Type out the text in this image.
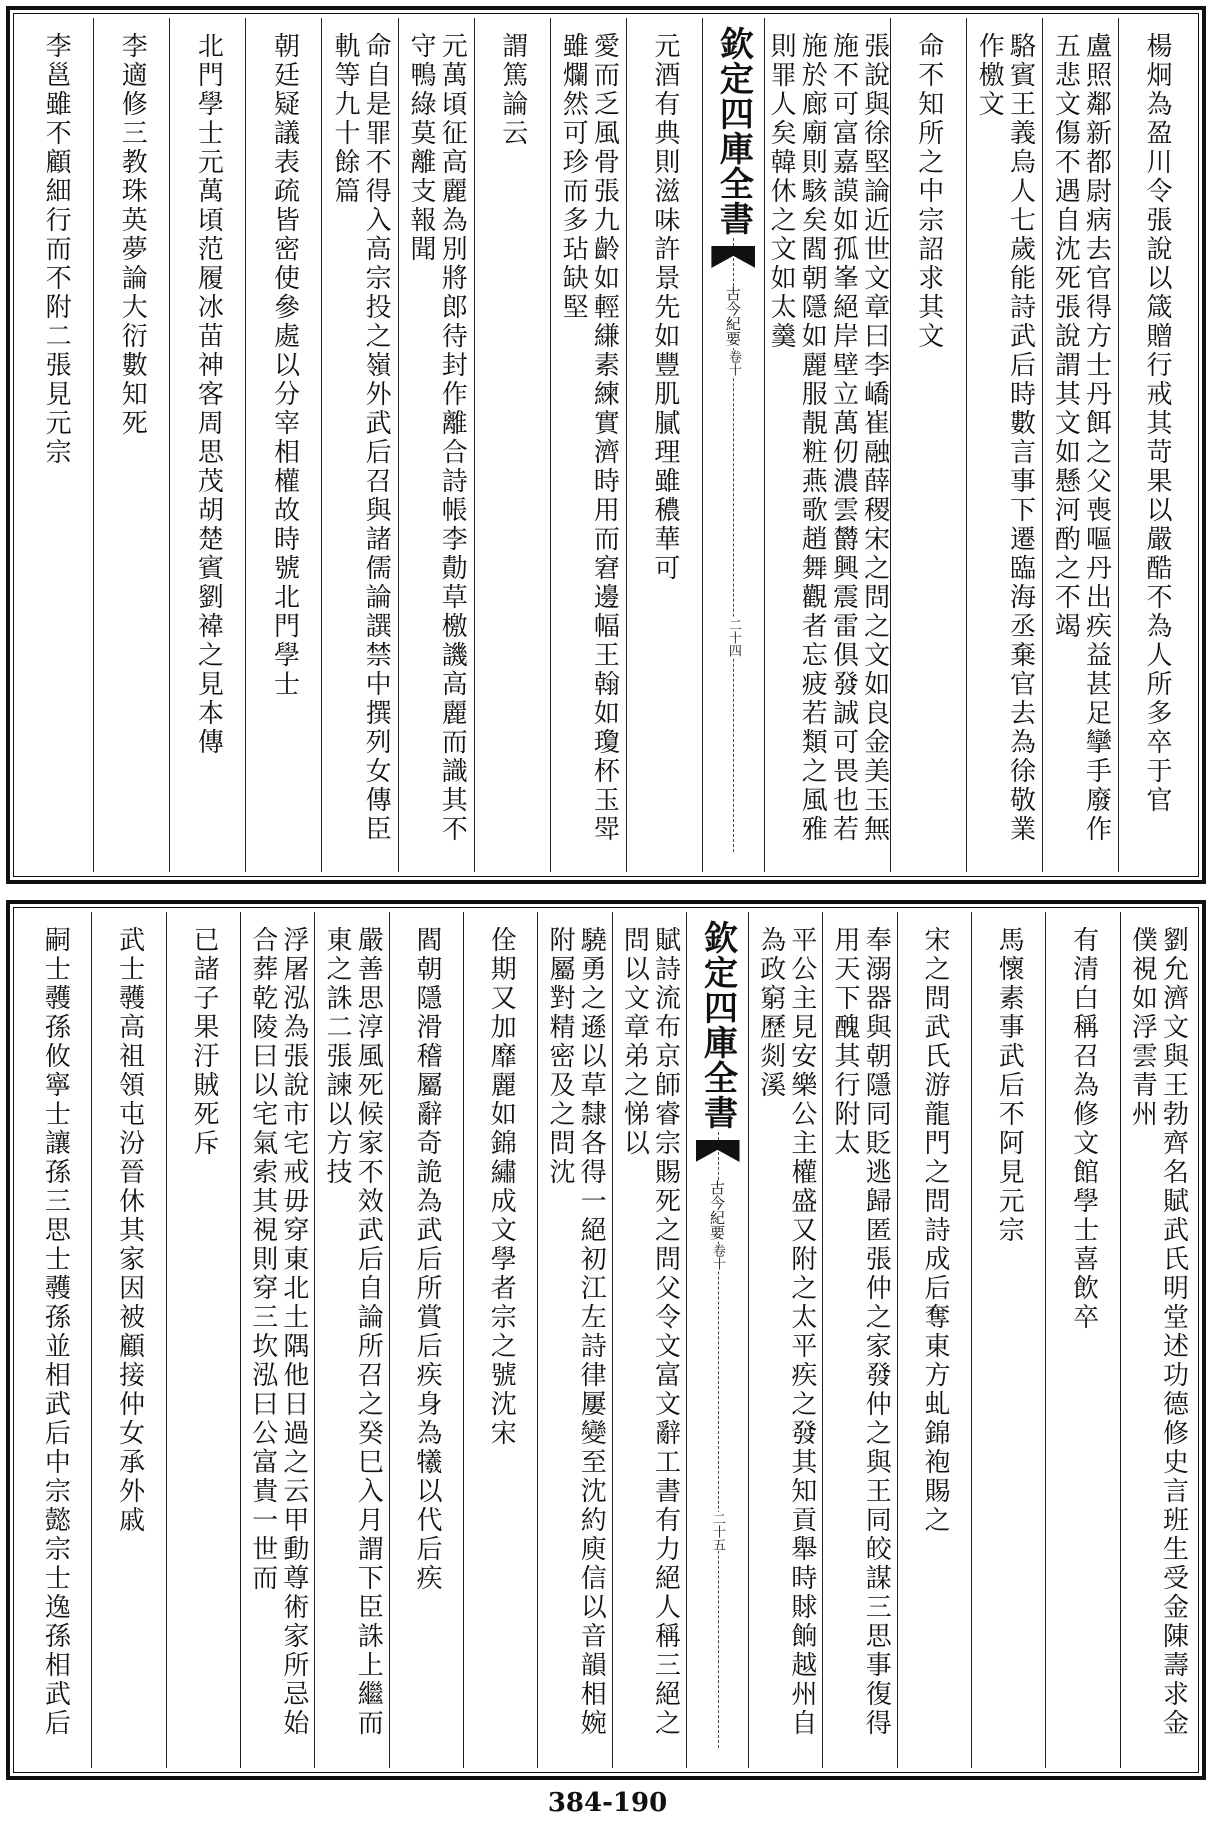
楊炯為盈川令張說以箴贈行戒其苛果以嚴酷不為人所多卒于官
盧照鄰新都尉病去官得方士丹餌之父喪嘔丹出疾益甚足攣手廢作五悲文傷不遇自沈死張說謂其文如懸河酌之不竭
駱賓王義烏人七歲能詩武后時數言事下遷臨海丞棄官去為徐敬業作檄文
命不知所之中宗詔求其文
張說與徐堅論近世文章曰李嶠崔融薛稷宋之問之文如良金美玉無施不可富嘉謨如孤峯絕岸壁立萬仞濃雲欝興震雷俱發誠可畏也若施於廊廟則駭矣閻朝隱如麗服靚粧燕歌趙舞觀者忘疲若類之風雅則罪人矣韓休之文如太羹
欽定四庫全書
古今紀要
卷十
二十四
元酒有典則滋味許景先如豐肌膩理雖穠華可
愛而乏風骨張九齡如輕縑素練實濟時用而窘邊幅王翰如瓊杯玉斝雖爛然可珍而多玷缺堅
謂篤論云
元萬頃征高麗為別將郎待封作離合詩帳李勣草檄譏高麗而識其不守鴨綠莫離支報聞
命自是罪不得入高宗投之嶺外武后召與諸儒論譔禁中撰列女傳臣軌等九十餘篇
朝廷疑議表疏皆密使參處以分宰相權故時號北門學士
北門學士元萬頃范履冰苗神客周思茂胡楚賓劉褘之見本傳
李適修三教珠英夢論大衍數知死
李邕雖不顧細行而不附二張見元宗
劉允濟文與王勃齊名賦武氏明堂述功德修史言班生受金陳壽求金僕視如浮雲青州
有清白稱召為修文館學士喜飲卒
馬懷素事武后不阿見元宗
宋之問武氏游龍門之問詩成后奪東方虬錦袍賜之
奉溺器與朝隱同貶逃歸匿張仲之家發仲之與王同皎謀三思事復得用天下醜其行附太
平公主見安樂公主權盛又附之太平疾之發其知貢舉時賕餉越州自為政窮歷剡溪
欽定四庫全書
古今紀要
卷十
二十五
賦詩流布京師睿宗賜死之問父令文富文辭工書有力絕人稱三絕之問以文章弟之悌以
驍勇之遜以草隸各得一絕初江左詩律屢變至沈約庾信以音韻相婉附屬對精密及之問沈
佺期又加靡麗如錦繡成文學者宗之號沈宋
閻朝隱滑稽屬辭奇詭為武后所賞后疾身為犧以代后疾
嚴善思淳風死候家不效武后自論所召之癸巳入月謂下臣誅上繼而東之誅二張諫以方技
浮屠泓為張說市宅戒毋穿東北土隅他日過之云甲動尊術家所忌始合葬乾陵曰以宅氣索其視則穿三坎泓曰公富貴一世而
已諸子果汙賊死斥
武士彠高祖領屯汾晉休其家因被顧接仲女承外戚
嗣士彠孫攸寧士讓孫三思士彠孫並相武后中宗懿宗士逸孫相武后
384-190
